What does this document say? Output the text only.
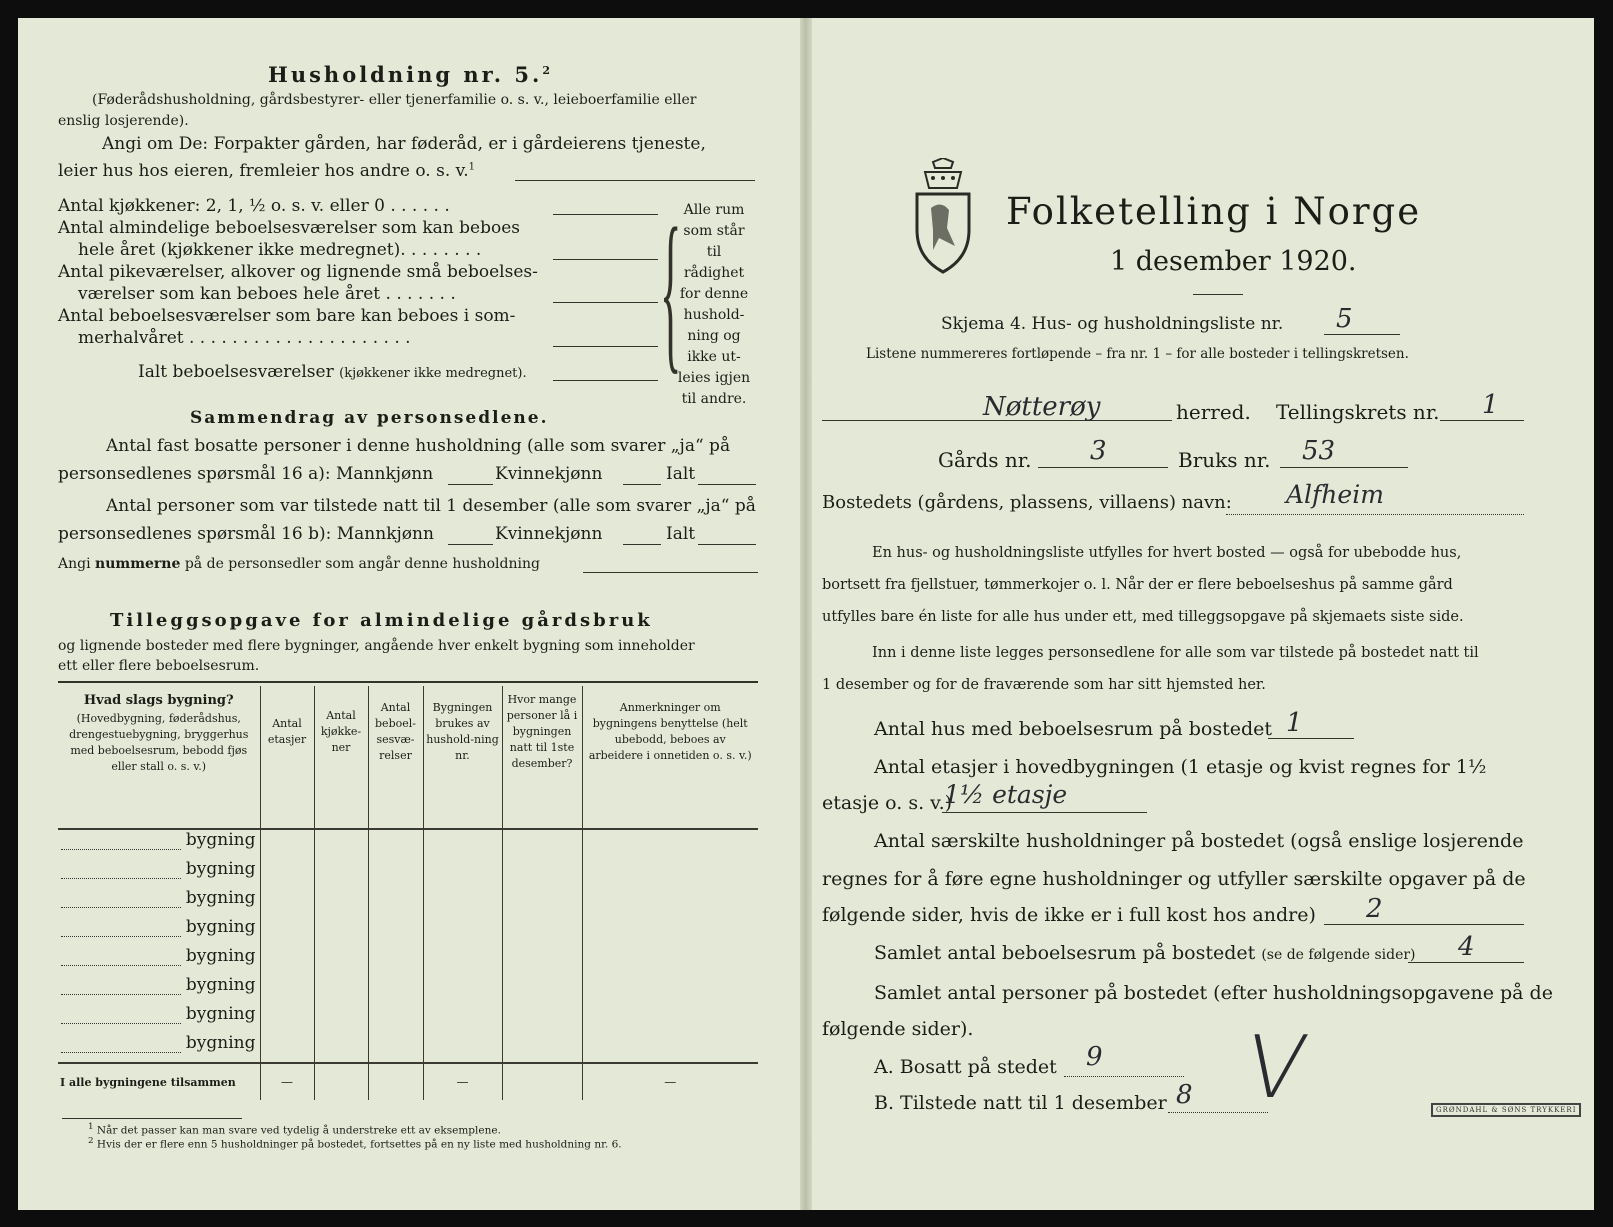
Husholdning nr. 5.$^2$
(Føderådshusholdning, gårdsbestyrer- eller tjenerfamilie o. s. v., leieboerfamilie eller
enslig losjerende).
Angi om De: Forpakter gården, har føderåd, er i gårdeierens tjeneste,
leier hus hos eieren, fremleier hos andre o. s. v.$^1$
Antal kjøkkener: 2, 1, ½ o. s. v. eller 0 . . . . . .
Antal almindelige beboelsesværelser som kan beboes
hele året (kjøkkener ikke medregnet). . . . . . . .
Antal pikeværelser, alkover og lignende små beboelses-
værelser som kan beboes hele året . . . . . . .
Antal beboelsesværelser som bare kan beboes i som-
merhalvåret . . . . . . . . . . . . . . . . . . . . . { Alle rum
som står til
rådighet
for denne
hushold-
ning og
ikke ut-
leies igjen
til andre.
Ialt beboelsesværelser (kjøkkener ikke medregnet).
Sammendrag av personsedlene.
Antal fast bosatte personer i denne husholdning (alle som svarer „ja“ på
personsedlenes spørsmål 16 a): Mannkjønn	Kvinnekjønn	Ialt
Antal personer som var tilstede natt til 1 desember (alle som svarer „ja“ på
personsedlenes spørsmål 16 b): Mannkjønn	Kvinnekjønn	Ialt
Angi nummerne på de personsedler som angår denne husholdning
Tilleggsopgave for almindelige gårdsbruk
og lignende bosteder med flere bygninger, angående hver enkelt bygning som inneholder
ett eller flere beboelsesrum.
Hvad slags bygning?
(Hovedbygning, føderådshus, drengestuebygning, bryggerhus med beboelsesrum, bebodd fjøs eller stall o. s. v.)	Antal etasjer	Antal kjøkke-ner	Antal beboel-sesvæ-relser	Bygningen brukes av hushold-ning nr.	Hvor mange personer lå i bygningen natt til 1ste desember?	Anmerkninger om bygningens benyttelse (helt ubebodd, beboes av arbeidere i onnetiden o. s. v.)
bygning						
bygning						
bygning						
bygning						
bygning						
bygning						
bygning						
bygning						
I alle bygningene tilsammen	—			—		—
$^1$ Når det passer kan man svare ved tydelig å understreke ett av eksemplene.
$^2$ Hvis der er flere enn 5 husholdninger på bostedet, fortsettes på en ny liste med husholdning nr. 6.
Folketelling i Norge
1 desember 1920.
Skjema 4. Hus- og husholdningsliste nr. 5
Listene nummereres fortløpende – fra nr. 1 – for alle bosteder i tellingskretsen.
Nøtterøy	herred. Tellingskrets nr. 1
Gårds nr. 3	Bruks nr. 53
Bostedets (gårdens, plassens, villaens) navn: Alfheim
En hus- og husholdningsliste utfylles for hvert bosted — også for ubebodde hus,
bortsett fra fjellstuer, tømmerkojer o. l. Når der er flere beboelseshus på samme gård
utfylles bare én liste for alle hus under ett, med tilleggsopgave på skjemaets siste side.
Inn i denne liste legges personsedlene for alle som var tilstede på bostedet natt til
1 desember og for de fraværende som har sitt hjemsted her.
Antal hus med beboelsesrum på bostedet 1
Antal etasjer i hovedbygningen (1 etasje og kvist regnes for 1½
etasje o. s. v.)
1½ etasje
Antal særskilte husholdninger på bostedet (også enslige losjerende
regnes for å føre egne husholdninger og utfyller særskilte opgaver på de
følgende sider, hvis de ikke er i full kost hos andre) 2
Samlet antal beboelsesrum på bostedet (se de følgende sider) 4
Samlet antal personer på bostedet (efter husholdningsopgavene på de
følgende sider).
A. Bosatt på stedet 9
B. Tilstede natt til 1 desember 8 V	GRØNDAHL & SØNS TRYKKERI
